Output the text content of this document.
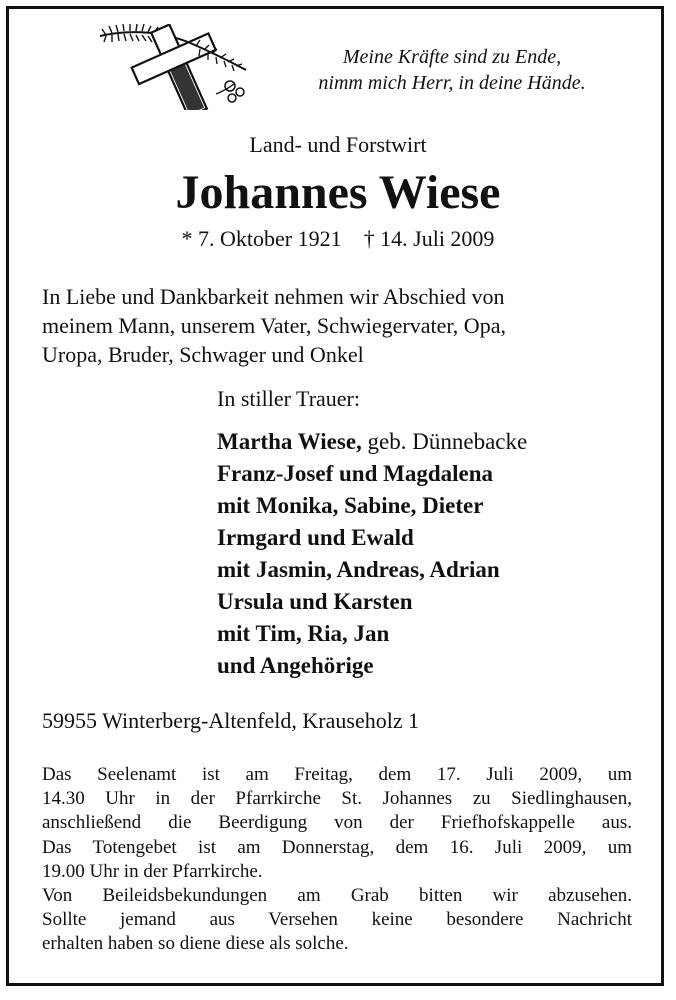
Meine Kräfte sind zu Ende,
nimm mich Herr, in deine Hände.
Land- und Forstwirt
Johannes Wiese
* 7. Oktober 1921 † 14. Juli 2009
In Liebe und Dankbarkeit nehmen wir Abschied von
meinem Mann, unserem Vater, Schwiegervater, Opa,
Uropa, Bruder, Schwager und Onkel
In stiller Trauer:
Martha Wiese, geb. Dünnebacke
Franz-Josef und Magdalena
mit Monika, Sabine, Dieter
Irmgard und Ewald
mit Jasmin, Andreas, Adrian
Ursula und Karsten
mit Tim, Ria, Jan
und Angehörige
59955 Winterberg-Altenfeld, Krauseholz 1
Das Seelenamt ist am Freitag, dem 17. Juli 2009, um
14.30 Uhr in der Pfarrkirche St. Johannes zu Siedlinghausen,
anschließend die Beerdigung von der Friefhofskappelle aus.
Das Totengebet ist am Donnerstag, dem 16. Juli 2009, um
19.00 Uhr in der Pfarrkirche.
Von Beileidsbekundungen am Grab bitten wir abzusehen.
Sollte jemand aus Versehen keine besondere Nachricht
erhalten haben so diene diese als solche.
